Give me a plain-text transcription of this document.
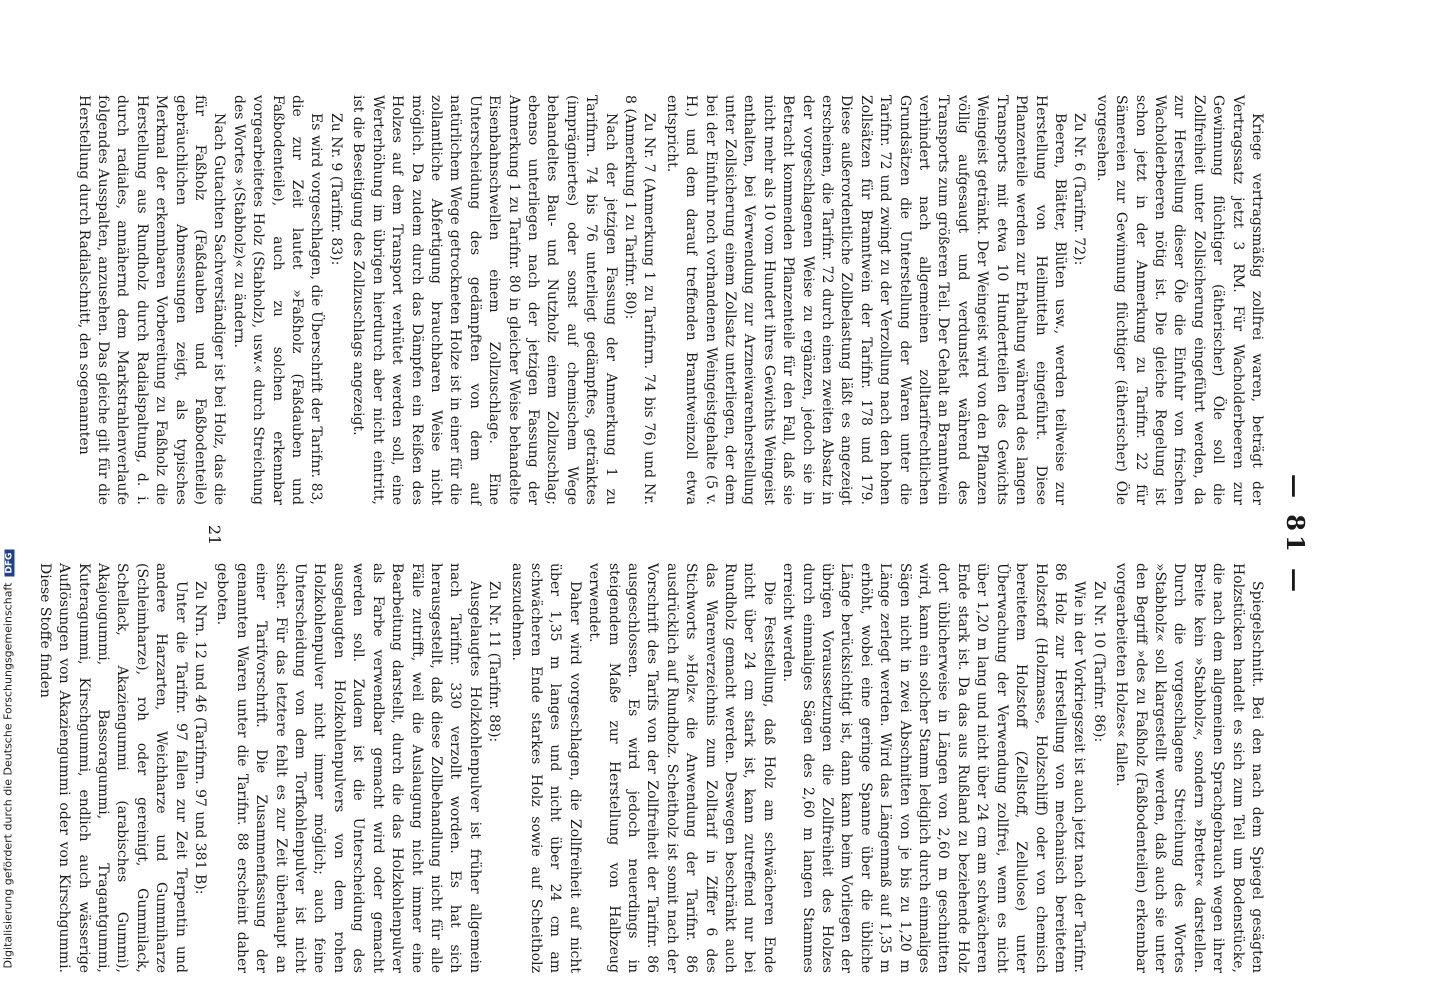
— 81 —

Kriege vertragsmäßig zollfrei waren, beträgt der Vertragssatz jetzt 3 RM. Für Wacholderbeeren zur Gewinnung flüchtiger (ätherischer) Öle soll die Zollfreiheit unter Zollsicherung eingeführt werden, da zur Herstellung dieser Öle die Einfuhr von frischen Wacholderbeeren nötig ist. Die gleiche Regelung ist schon jetzt in der Anmerkung zu Tarifnr. 22 für Sämereien zur Gewinnung flüchtiger (ätherischer) Öle vorgesehen.

Zu Nr. 6 (Tarifnr. 72):

Beeren, Blätter, Blüten usw., werden teilweise zur Herstellung von Heilmitteln eingeführt. Diese Pflanzenteile werden zur Erhaltung während des langen Transports mit etwa 10 Hundertteilen des Gewichts Weingeist getränkt. Der Weingeist wird von den Pflanzen völlig aufgesaugt und verdunstet während des Transports zum größeren Teil. Der Gehalt an Branntwein verhindert nach allgemeinen zolltarifrechtlichen Grundsätzen die Unterstellung der Waren unter die Tarifnr. 72 und zwingt zu der Verzollung nach den hohen Zollsätzen für Branntwein der Tarifnr. 178 und 179. Diese außerordentliche Zollbelastung läßt es angezeigt erscheinen, die Tarifnr. 72 durch einen zweiten Absatz in der vorgeschlagenen Weise zu ergänzen, jedoch sie in Betracht kommenden Pflanzenteile für den Fall, daß sie nicht mehr als 10 vom Hundert ihres Gewichts Weingeist enthalten, bei Verwendung zur Arzneiwarenherstellung unter Zollsicherung einem Zollsatz unterliegen, der dem bei der Einfuhr noch vorhandenen Weingeistgehalte (5 v. H.) und dem darauf treffenden Branntweinzoll etwa entspricht.

Zu Nr. 7 (Anmerkung 1 zu Tarifnrn. 74 bis 76) und Nr. 8 (Anmerkung 1 zu Tarifnr. 80):

Nach der jetzigen Fassung der Anmerkung 1 zu Tarifnrn. 74 bis 76 unterliegt gedämpftes, getränktes (imprägniertes) oder sonst auf chemischem Wege behandeltes Bau- und Nutzholz einem Zollzuschlag; ebenso unterliegen nach der jetzigen Fassung der Anmerkung 1 zu Tarifnr. 80 in gleicher Weise behandelte Eisenbahnschwellen einem Zollzuschlage. Eine Unterscheidung des gedämpften von dem auf natürlichem Wege getrockneten Holze ist in einer für die zollamtliche Abfertigung brauchbaren Weise nicht möglich. Da zudem durch das Dämpfen ein Reißen des Holzes auf dem Transport verhütet werden soll, eine Werterhöhung im übrigen hierdurch aber nicht eintritt, ist die Beseitigung des Zollzuschlags angezeigt.

Zu Nr. 9 (Tarifnr. 83):

Es wird vorgeschlagen, die Überschrift der Tarifnr. 83, die zur Zeit lautet »Faßholz (Faßdauben und Faßbodenteile), auch zu solchen erkennbar vorgearbeitetes Holz (Stabholz), usw.« durch Streichung des Wortes »(Stabholz)« zu ändern.

Nach Gutachten Sachverständiger ist bei Holz, das die für Faßholz (Faßdauben und Faßbodenteile) gebräuchlichen Abmessungen zeigt, als typisches Merkmal der erkennbaren Vorbereitung zu Faßholz die Herstellung aus Rundholz durch Radialspaltung, d. i. durch radiales, annähernd dem Markstrahlenverlaufe folgendes Ausspalten, anzusehen. Das gleiche gilt für die Herstellung durch Radialschnitt, den sogenannten

Spiegelschnitt. Bei den nach dem Spiegel gesägten Holzstücken handelt es sich zum Teil um Bodenstücke, die nach dem allgemeinen Sprachgebrauch wegen ihrer Breite kein »Stabholz«, sondern »Bretter« darstellen. Durch die vorgeschlagene Streichung des Wortes »Stabholz« soll klargestellt werden, daß auch sie unter den Begriff »des zu Faßholz (Faßbodenteilen) erkennbar vorgearbeiteten Holzes« fallen.

Zu Nr. 10 (Tarifnr. 86):

Wie in der Vorkriegszeit ist auch jetzt nach der Tarifnr. 86 Holz zur Herstellung von mechanisch bereitetem Holzstoff (Holzmasse, Holzschliff) oder von chemisch bereitetem Holzstoff (Zellstoff, Zellulose) unter Überwachung der Verwendung zollfrei, wenn es nicht über 1,20 m lang und nicht über 24 cm am schwächeren Ende stark ist. Da das aus Rußland zu beziehende Holz dort üblicherweise in Längen von 2,60 m geschnitten wird, kann ein solcher Stamm lediglich durch einmaliges Sägen nicht in zwei Abschnitten von je bis zu 1,20 m Länge zerlegt werden. Wird das Längenmaß auf 1,35 m erhöht, wobei eine geringe Spanne über die übliche Länge berücksichtigt ist, dann kann beim Vorliegen der übrigen Voraussetzungen die Zollfreiheit des Holzes durch einmaliges Sägen des 2,60 m langen Stammes erreicht werden.

Die Feststellung, daß Holz am schwächeren Ende nicht über 24 cm stark ist, kann zutreffend nur bei Rundholz gemacht werden. Deswegen beschränkt auch das Warenverzeichnis zum Zolltarif in Ziffer 6 des Stichworts »Holz« die Anwendung der Tarifnr. 86 ausdrücklich auf Rundholz. Scheitholz ist somit nach der Vorschrift des Tarifs von der Zollfreiheit der Tarifnr. 86 ausgeschlossen. Es wird jedoch neuerdings in steigendem Maße zur Herstellung von Halbzeug verwendet.

Daher wird vorgeschlagen, die Zollfreiheit auf nicht über 1,35 m langes und nicht über 24 cm am schwächeren Ende starkes Holz sowie auf Scheitholz auszudehnen.

Zu Nr. 11 (Tarifnr. 88):

Ausgelaugtes Holzkohlenpulver ist früher allgemein nach Tarifnr. 330 verzollt worden. Es hat sich herausgestellt, daß diese Zollbehandlung nicht für alle Fälle zutrifft, weil die Auslaugung nicht immer eine Bearbeitung darstellt, durch die das Holzkohlenpulver als Farbe verwendbar gemacht wird oder gemacht werden soll. Zudem ist die Unterscheidung des ausgelaugten Holzkohlenpulvers von dem rohen Holzkohlenpulver nicht immer möglich; auch feine Unterscheidung von dem Torfkohlenpulver ist nicht sicher. Für das letztere fehlt es zur Zeit überhaupt an einer Tarifvorschrift. Die Zusammenfassung der genannten Waren unter die Tarifnr. 88 erscheint daher geboten.

Zu Nrn. 12 und 46 (Tarifnrn. 97 und 381 B):

Unter die Tarifnr. 97 fallen zur Zeit Terpentin und andere Harzarten, Weichharze und Gummiharze (Schleimharze), roh oder gereinigt, Gummilack, Schellack, Akaziengummi (arabisches Gummi), Akajougummi, Bassoragummi, Tragantgummi, Kuteragummi, Kirschgummi, endlich auch wässerige Auflösungen von Akaziengummi oder von Kirschgummi. Diese Stoffe finden

21
Digitalisierung gefördert durch die Deutsche ForschungsgemeinschaftDFG
